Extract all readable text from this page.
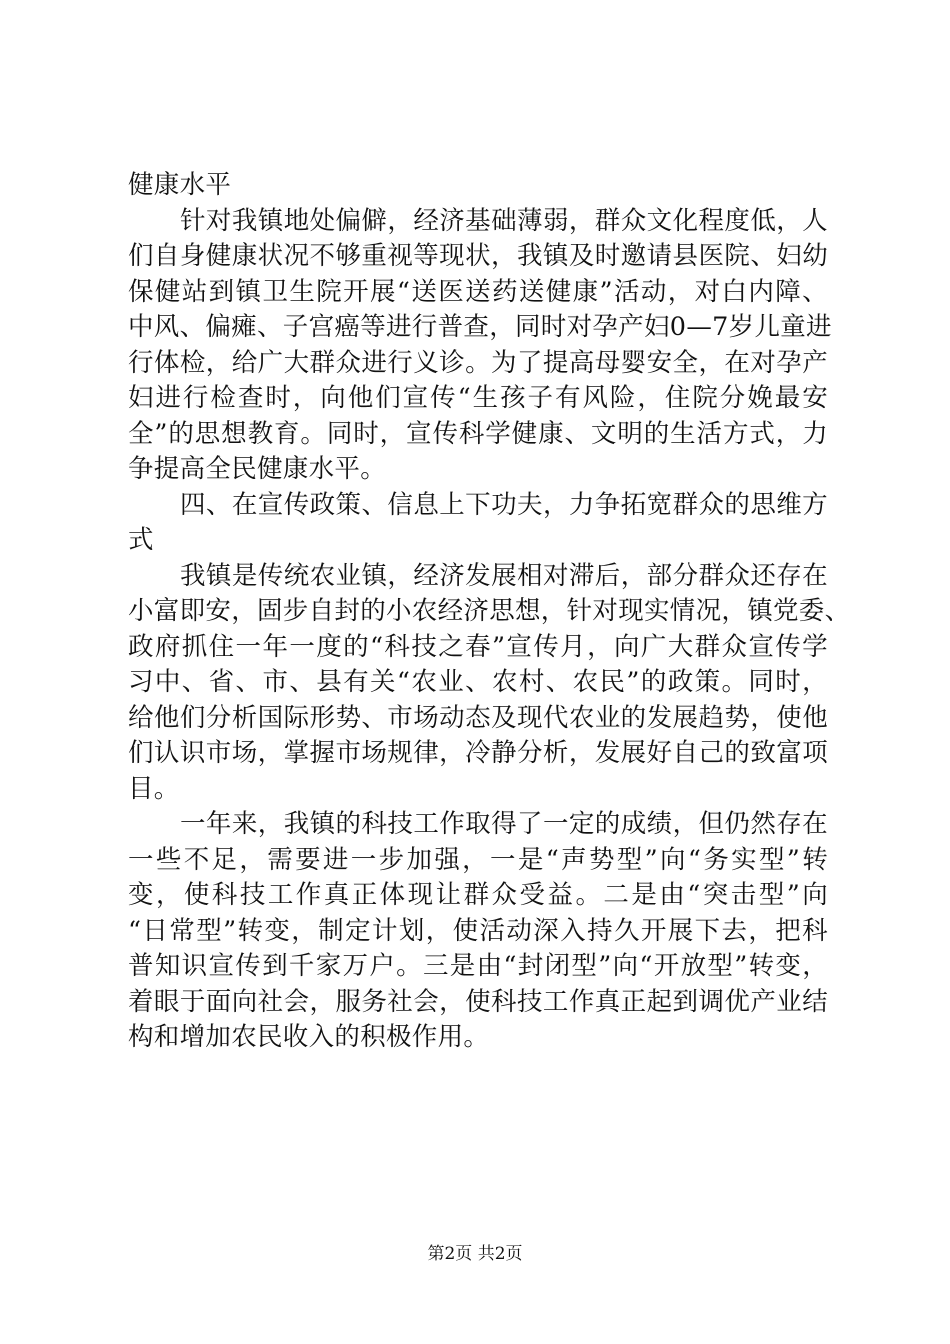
健康水平
针对我镇地处偏僻，经济基础薄弱，群众文化程度低，人
们自身健康状况不够重视等现状，我镇及时邀请县医院、妇幼
保健站到镇卫生院开展“送医送药送健康”活动，对白内障、
中风、偏瘫、子宫癌等进行普查，同时对孕产妇0—7岁儿童进
行体检，给广大群众进行义诊。为了提高母婴安全，在对孕产
妇进行检查时，向他们宣传“生孩子有风险，住院分娩最安
全”的思想教育。同时，宣传科学健康、文明的生活方式，力
争提高全民健康水平。
四、在宣传政策、信息上下功夫，力争拓宽群众的思维方
式
我镇是传统农业镇，经济发展相对滞后，部分群众还存在
小富即安，固步自封的小农经济思想，针对现实情况，镇党委、
政府抓住一年一度的“科技之春”宣传月，向广大群众宣传学
习中、省、市、县有关“农业、农村、农民”的政策。同时，
给他们分析国际形势、市场动态及现代农业的发展趋势，使他
们认识市场，掌握市场规律，冷静分析，发展好自己的致富项
目。
一年来，我镇的科技工作取得了一定的成绩，但仍然存在
一些不足，需要进一步加强，一是“声势型”向“务实型”转
变，使科技工作真正体现让群众受益。二是由“突击型”向
“日常型”转变，制定计划，使活动深入持久开展下去，把科
普知识宣传到千家万户。三是由“封闭型”向“开放型”转变，
着眼于面向社会，服务社会，使科技工作真正起到调优产业结
构和增加农民收入的积极作用。
第2页 共2页
